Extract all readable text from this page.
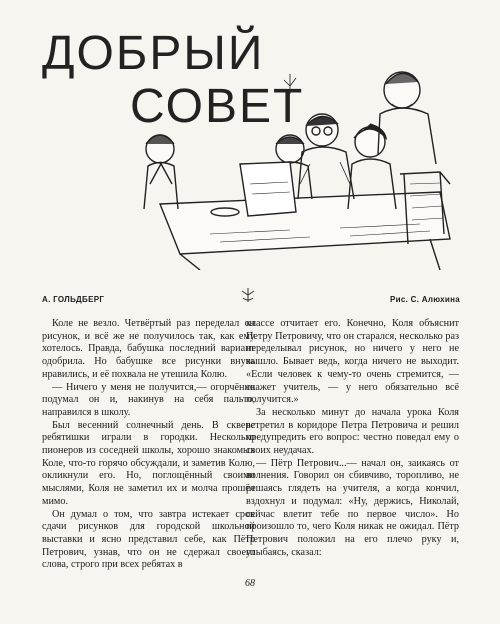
ДОБРЫЙ
СОВЕТ
А. ГОЛЬДБЕРГ	Рис. С. Алюхина

Коле не везло. Четвёртый раз переделал он рисунок, и всё же не получилось так, как ему хотелось. Правда, бабушка последний вариант одобрила. Но бабушке все рисунки внука нравились, и её похвала не утешила Колю.

— Ничего у меня не получится,— огорчённо подумал он и, накинув на себя пальто, направился в школу.

Был весенний солнечный день. В сквере ребятишки играли в городки. Несколько пионеров из соседней школы, хорошо знакомых Коле, что-то горячо обсуждали, и заметив Колю, окликнули его. Но, поглощённый своими мыслями, Коля не заметил их и молча прошёл мимо.

Он думал о том, что завтра истекает срок сдачи рисунков для городской школьной выставки и ясно представил себе, как Пётр Петрович, узнав, что он не сдержал своего слова, строго при всех ребятах в

классе отчитает его. Конечно, Коля объяснит Петру Петровичу, что он старался, несколько раз переделывал рисунок, но ничего у него не вышло. Бывает ведь, когда ничего не выходит. «Если человек к чему-то очень стремится, — скажет учитель, — у него обязательно всё получится.»

За несколько минут до начала урока Коля встретил в коридоре Петра Петровича и решил предупредить его вопрос: честно поведал ему о своих неудачах.

— Пётр Петрович...— начал он, заикаясь от волнения. Говорил он сбивчиво, торопливо, не решаясь глядеть на учителя, а когда кончил, вздохнул и подумал: «Ну, держись, Николай, сейчас влетит тебе по первое число». Но произошло то, чего Коля никак не ожидал. Пётр Петрович положил на его плечо руку и, улыбаясь, сказал:

68
